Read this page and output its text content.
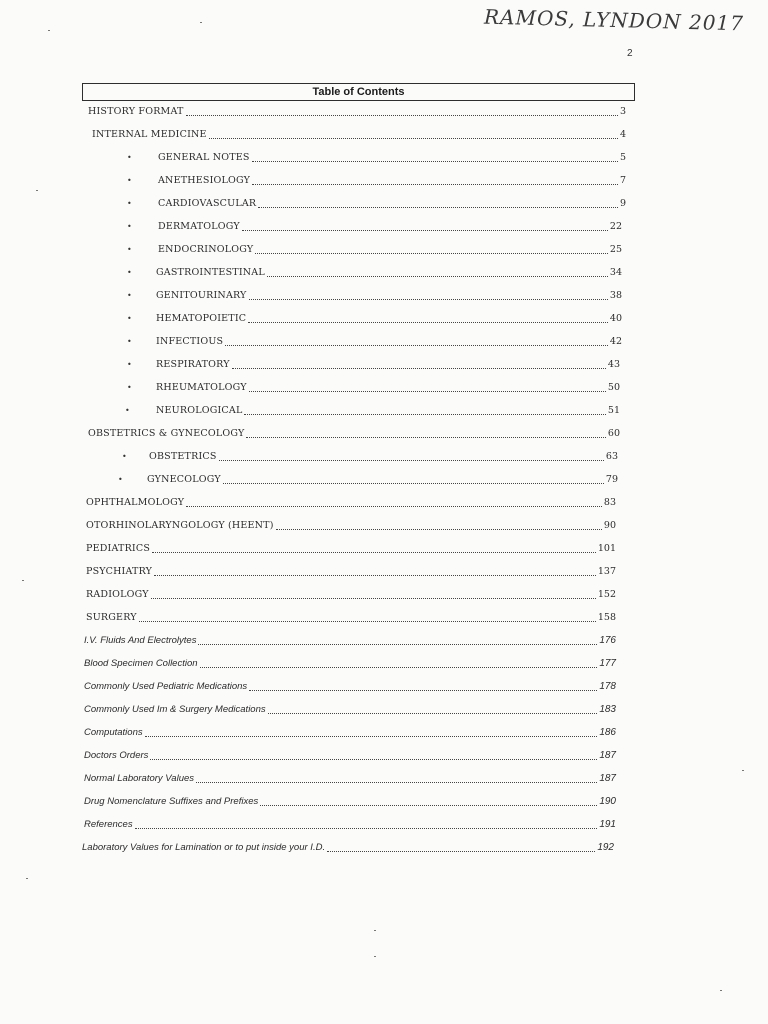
RAMOS, LYNDON 2017
2
Table of Contents
HISTORY FORMAT	3
INTERNAL MEDICINE	4
•	GENERAL NOTES	5
•	ANETHESIOLOGY	7
•	CARDIOVASCULAR	9
•	DERMATOLOGY	22
•	ENDOCRINOLOGY	25
•	GASTROINTESTINAL	34
•	GENITOURINARY	38
•	HEMATOPOIETIC	40
•	INFECTIOUS	42
•	RESPIRATORY	43
•	RHEUMATOLOGY	50
•	NEUROLOGICAL	51
OBSTETRICS & GYNECOLOGY	60
• OBSTETRICS	63
•	GYNECOLOGY	79
OPHTHALMOLOGY	83
OTORHINOLARYNGOLOGY (HEENT)	90
PEDIATRICS	101
PSYCHIATRY	137
RADIOLOGY	152
SURGERY	158
I.V. Fluids And Electrolytes	176
Blood Specimen Collection	177
Commonly Used Pediatric Medications	178
Commonly Used Im & Surgery Medications	183
Computations	186
Doctors Orders	187
Normal Laboratory Values	187
Drug Nomenclature Suffixes and Prefixes	190
References	191
Laboratory Values for Lamination or to put inside your I.D.	192
